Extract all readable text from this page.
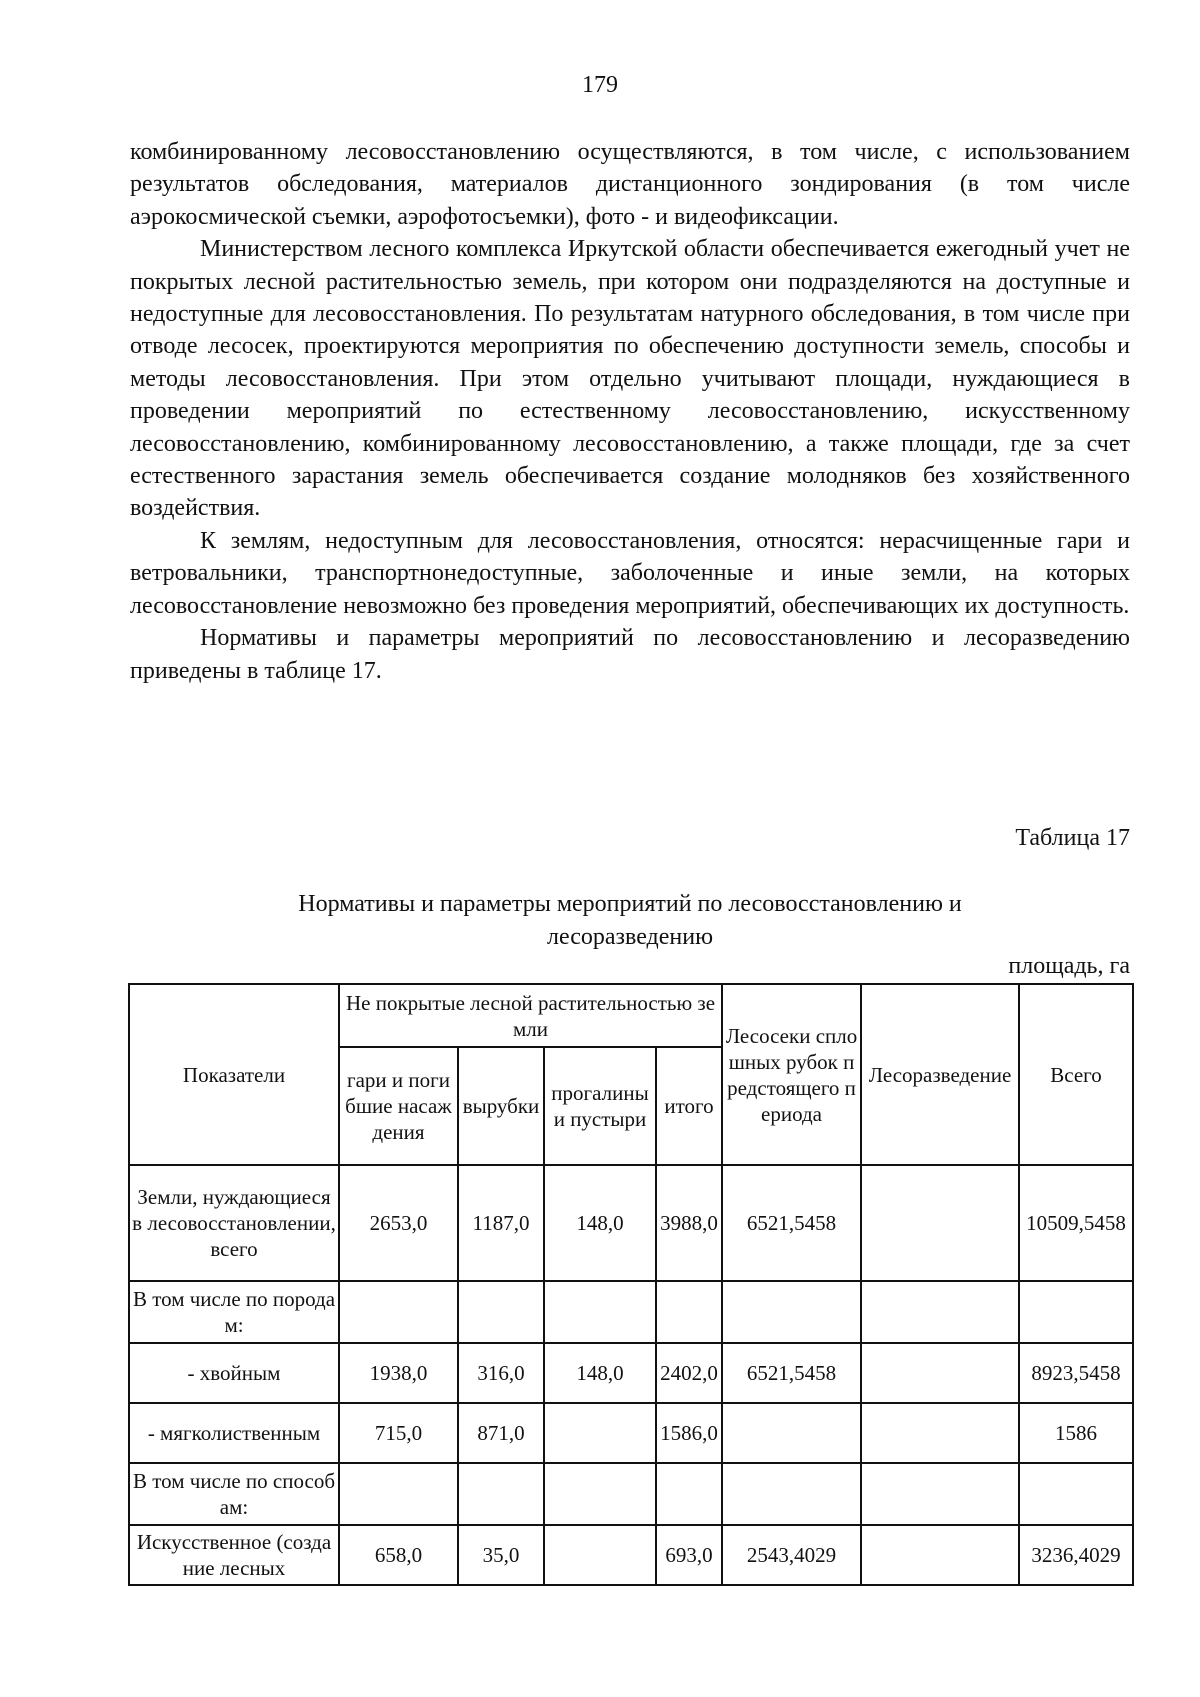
179

комбинированному лесовосстановлению осуществляются, в том числе, с использованием результатов обследования, материалов дистанционного зондирования (в том числе аэрокосмической съемки, аэрофотосъемки), фото - и видеофиксации.

Министерством лесного комплекса Иркутской области обеспечивается ежегодный учет не покрытых лесной растительностью земель, при котором они подразделяются на доступные и недоступные для лесовосстановления. По результатам натурного обследования, в том числе при отводе лесосек, проектируются мероприятия по обеспечению доступности земель, способы и методы лесовосстановления. При этом отдельно учитывают площади, нуждающиеся в проведении мероприятий по естественному лесовосстановлению, искусственному лесовосстановлению, комбинированному лесовосстановлению, а также площади, где за счет естественного зарастания земель обеспечивается создание молодняков без хозяйственного воздействия.

К землям, недоступным для лесовосстановления, относятся: нерасчищенные гари и ветровальники, транспортнонедоступные, заболоченные и иные земли, на которых лесовосстановление невозможно без проведения мероприятий, обеспечивающих их доступность.

Нормативы и параметры мероприятий по лесовосстановлению и лесоразведению приведены в таблице 17.

Таблица 17
Нормативы и параметры мероприятий по лесовосстановлению и
лесоразведению
площадь, га
Показатели	Не покрытые лесной растительностью земли				Лесосеки сплошных рубок предстоящего периода	Лесоразведение	Всего
	гари и погибшие насаждения	вырубки	прогалины и пустыри	итого			
Земли, нуждающиеся в лесовосстановлении, всего	2653,0	1187,0	148,0	3988,0	6521,5458		10509,5458
В том числе по породам:							
- хвойным	1938,0	316,0	148,0	2402,0	6521,5458		8923,5458
- мягколиственным	715,0	871,0		1586,0			1586
В том числе по способам:							
Искусственное (создание лесных	658,0	35,0		693,0	2543,4029		3236,4029
